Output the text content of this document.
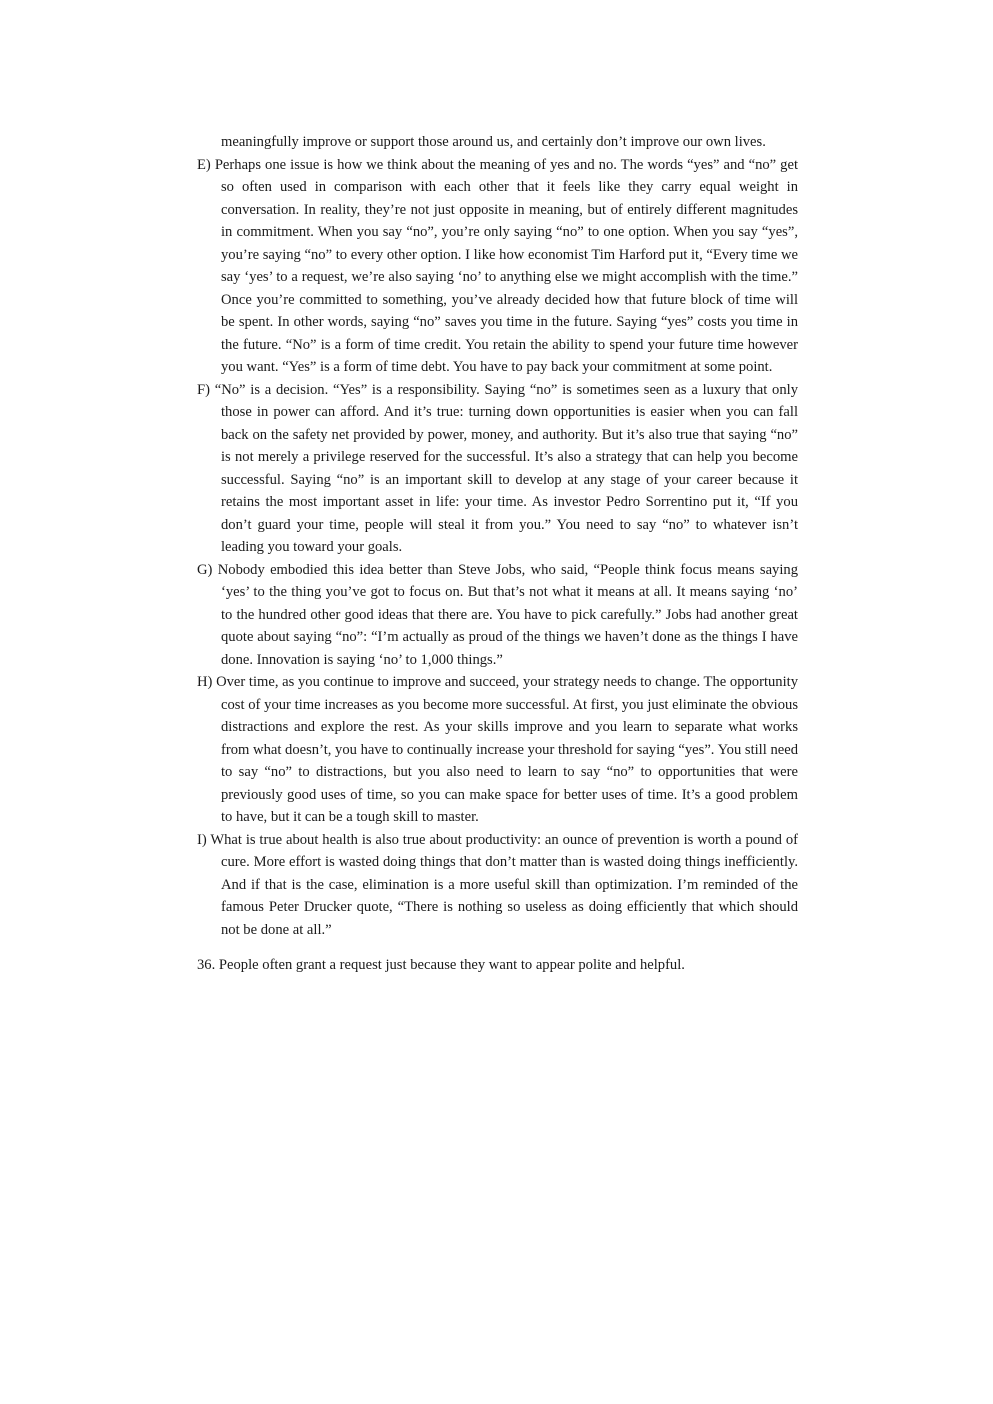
meaningfully improve or support those around us, and certainly don’t improve our own lives.

E) Perhaps one issue is how we think about the meaning of yes and no. The words “yes” and “no” get so often used in comparison with each other that it feels like they carry equal weight in conversation. In reality, they’re not just opposite in meaning, but of entirely different magnitudes in commitment. When you say “no”, you’re only saying “no” to one option. When you say “yes”, you’re saying “no” to every other option. I like how economist Tim Harford put it, “Every time we say ‘yes’ to a request, we’re also saying ‘no’ to anything else we might accomplish with the time.” Once you’re committed to something, you’ve already decided how that future block of time will be spent. In other words, saying “no” saves you time in the future. Saying “yes” costs you time in the future. “No” is a form of time credit. You retain the ability to spend your future time however you want. “Yes” is a form of time debt. You have to pay back your commitment at some point.

F) “No” is a decision. “Yes” is a responsibility. Saying “no” is sometimes seen as a luxury that only those in power can afford. And it’s true: turning down opportunities is easier when you can fall back on the safety net provided by power, money, and authority. But it’s also true that saying “no” is not merely a privilege reserved for the successful. It’s also a strategy that can help you become successful. Saying “no” is an important skill to develop at any stage of your career because it retains the most important asset in life: your time. As investor Pedro Sorrentino put it, “If you don’t guard your time, people will steal it from you.” You need to say “no” to whatever isn’t leading you toward your goals.

G) Nobody embodied this idea better than Steve Jobs, who said, “People think focus means saying ‘yes’ to the thing you’ve got to focus on. But that’s not what it means at all. It means saying ‘no’ to the hundred other good ideas that there are. You have to pick carefully.” Jobs had another great quote about saying “no”: “I’m actually as proud of the things we haven’t done as the things I have done. Innovation is saying ‘no’ to 1,000 things.”

H) Over time, as you continue to improve and succeed, your strategy needs to change. The opportunity cost of your time increases as you become more successful. At first, you just eliminate the obvious distractions and explore the rest. As your skills improve and you learn to separate what works from what doesn’t, you have to continually increase your threshold for saying “yes”. You still need to say “no” to distractions, but you also need to learn to say “no” to opportunities that were previously good uses of time, so you can make space for better uses of time. It’s a good problem to have, but it can be a tough skill to master.

I) What is true about health is also true about productivity: an ounce of prevention is worth a pound of cure. More effort is wasted doing things that don’t matter than is wasted doing things inefficiently. And if that is the case, elimination is a more useful skill than optimization. I’m reminded of the famous Peter Drucker quote, “There is nothing so useless as doing efficiently that which should not be done at all.”

36. People often grant a request just because they want to appear polite and helpful.
